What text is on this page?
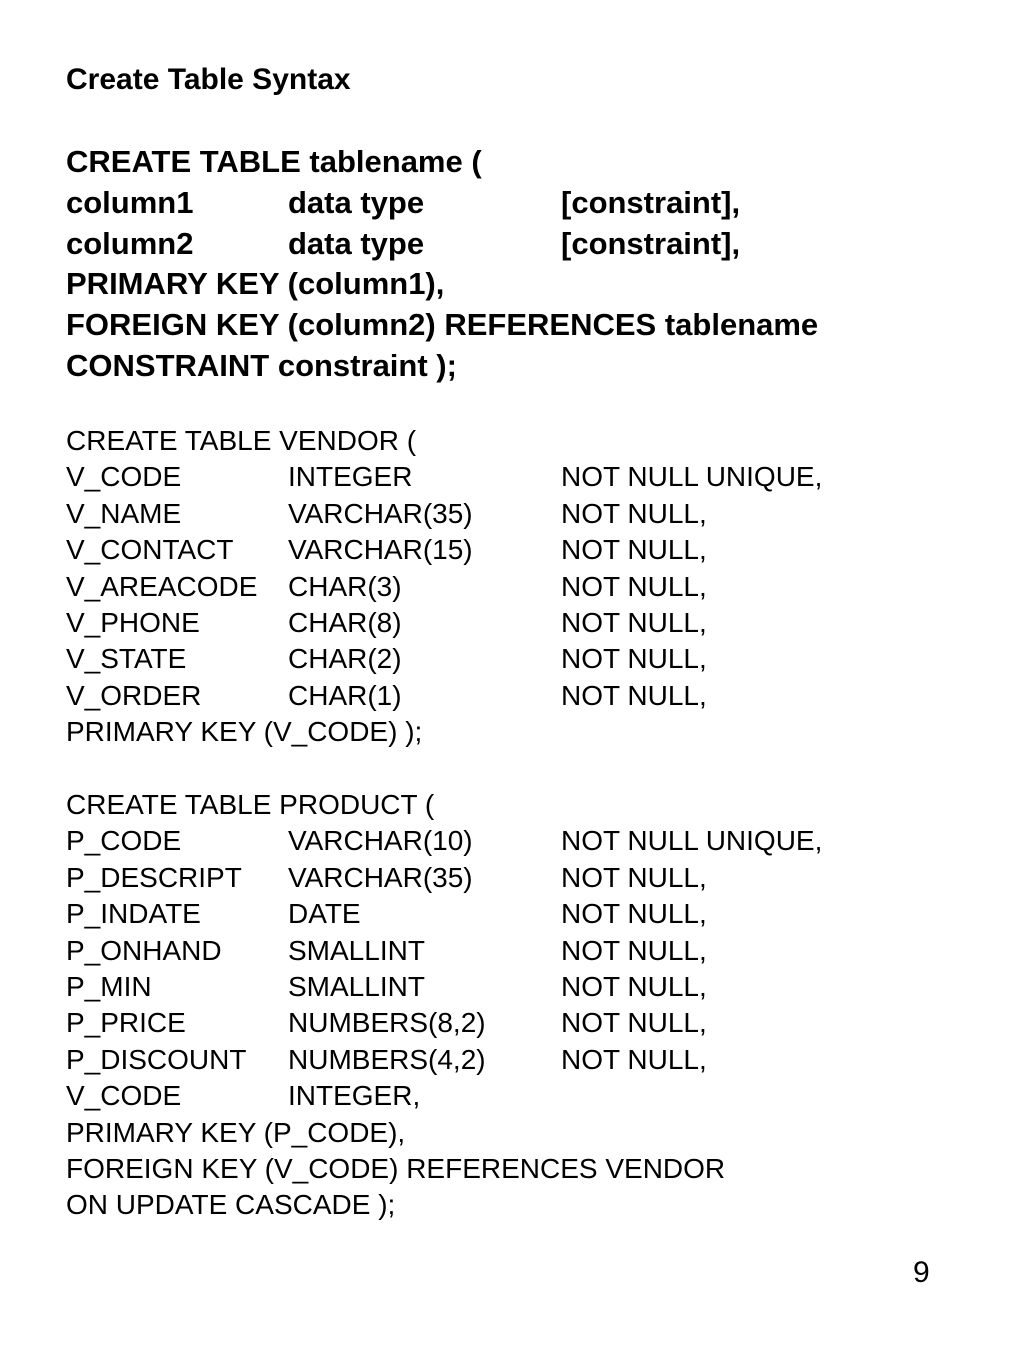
Create Table Syntax
CREATE TABLE tablename (
column1	data type	[constraint],
column2	data type	[constraint],
PRIMARY KEY (column1),
FOREIGN KEY (column2) REFERENCES tablename
CONSTRAINT constraint );
CREATE TABLE VENDOR (
V_CODE	INTEGER	NOT NULL UNIQUE,
V_NAME	VARCHAR(35)	NOT NULL,
V_CONTACT VARCHAR(15)	NOT NULL,
V_AREACODE CHAR(3)	NOT NULL,
V_PHONE	CHAR(8)	NOT NULL,
V_STATE	CHAR(2)	NOT NULL,
V_ORDER	CHAR(1)	NOT NULL,
PRIMARY KEY (V_CODE) );
CREATE TABLE PRODUCT (
P_CODE	VARCHAR(10)	NOT NULL UNIQUE,
P_DESCRIPT VARCHAR(35)	NOT NULL,
P_INDATE	DATE	NOT NULL,
P_ONHAND SMALLINT	NOT NULL,
P_MIN	SMALLINT	NOT NULL,
P_PRICE	NUMBERS(8,2)	NOT NULL,
P_DISCOUNT NUMBERS(4,2)	NOT NULL,
V_CODE	INTEGER,
PRIMARY KEY (P_CODE),
FOREIGN KEY (V_CODE) REFERENCES VENDOR
ON UPDATE CASCADE );
9
